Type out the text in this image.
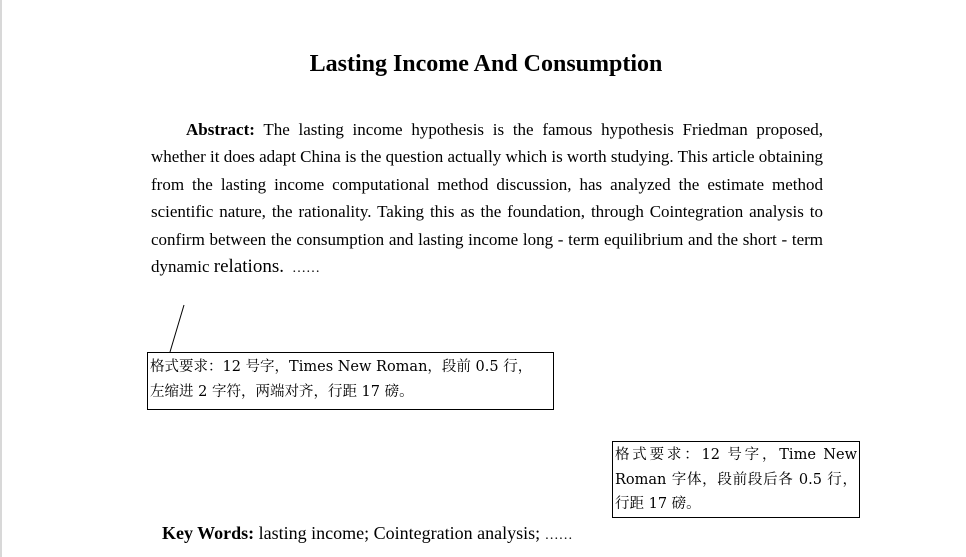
Lasting Income And Consumption

Abstract: The lasting income hypothesis is the famous hypothesis Friedman proposed, whether it does adapt China is the question actually which is worth studying. This article obtaining from the lasting income computational method discussion, has analyzed the estimate method scientific nature, the rationality. Taking this as the foundation, through Cointegration analysis to confirm between the consumption and lasting income long - term equilibrium and the short - term dynamic relations. ……

格式要求：12 号字，Times New Roman，段前 0.5 行，
左缩进 2 字符，两端对齐，行距 17 磅。
格式要求：12 号字，Time New
Roman 字体，段前段后各 0.5 行，
行距 17 磅。

Key Words: lasting income; Cointegration analysis; ……
